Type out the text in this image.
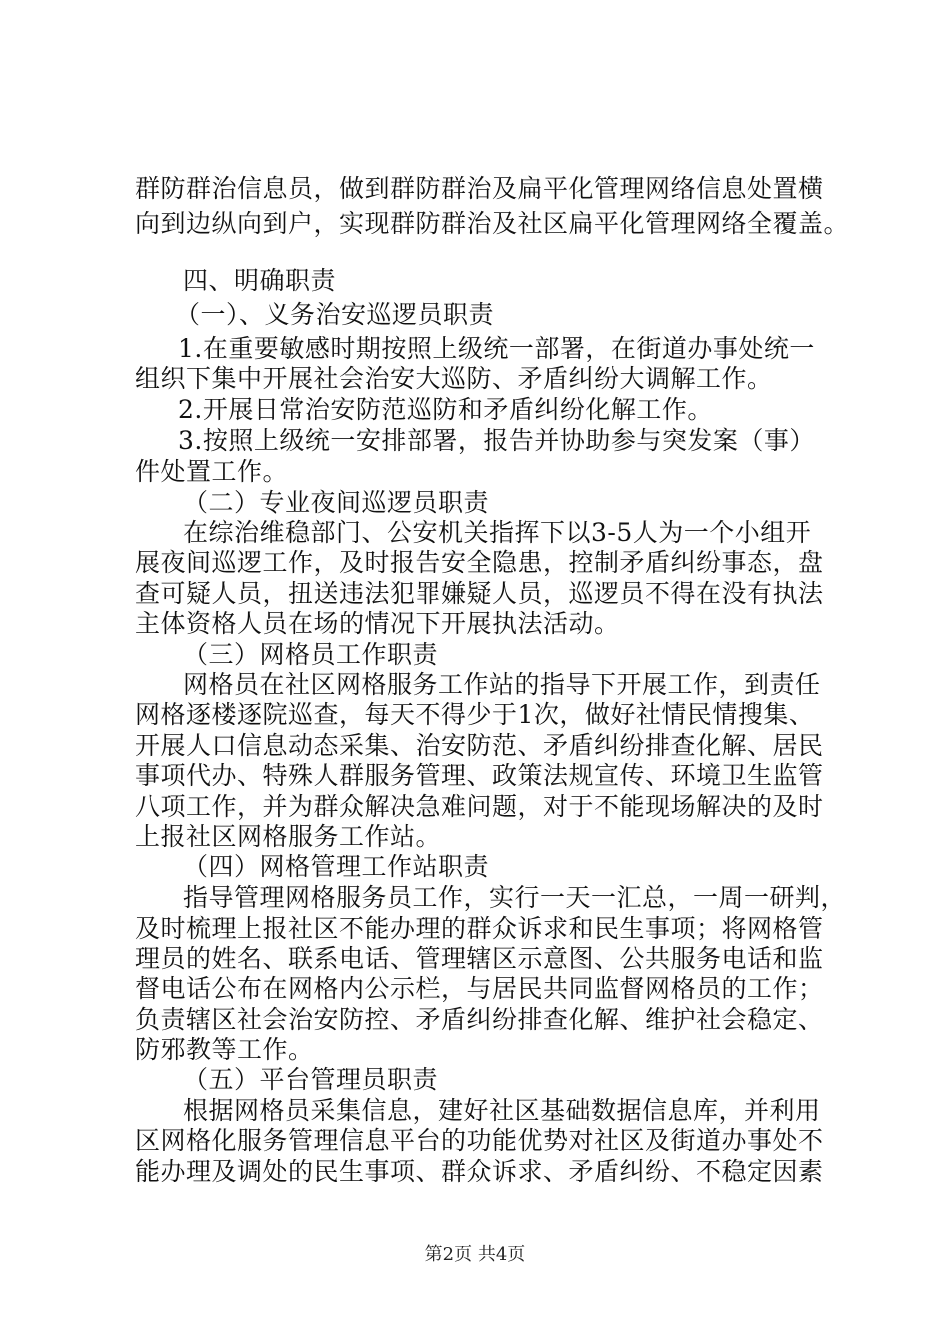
群防群治信息员，做到群防群治及扁平化管理网络信息处置横
向到边纵向到户，实现群防群治及社区扁平化管理网络全覆盖。
四、明确职责
（一）、义务治安巡逻员职责
1.在重要敏感时期按照上级统一部署，在街道办事处统一
组织下集中开展社会治安大巡防、矛盾纠纷大调解工作。
2.开展日常治安防范巡防和矛盾纠纷化解工作。
3.按照上级统一安排部署，报告并协助参与突发案（事）
件处置工作。
（二）专业夜间巡逻员职责
在综治维稳部门、公安机关指挥下以3-5人为一个小组开
展夜间巡逻工作，及时报告安全隐患，控制矛盾纠纷事态，盘
查可疑人员，扭送违法犯罪嫌疑人员，巡逻员不得在没有执法
主体资格人员在场的情况下开展执法活动。
（三）网格员工作职责
网格员在社区网格服务工作站的指导下开展工作，到责任
网格逐楼逐院巡查，每天不得少于1次，做好社情民情搜集、
开展人口信息动态采集、治安防范、矛盾纠纷排查化解、居民
事项代办、特殊人群服务管理、政策法规宣传、环境卫生监管
八项工作，并为群众解决急难问题，对于不能现场解决的及时
上报社区网格服务工作站。
（四）网格管理工作站职责
指导管理网格服务员工作，实行一天一汇总，一周一研判，
及时梳理上报社区不能办理的群众诉求和民生事项；将网格管
理员的姓名、联系电话、管理辖区示意图、公共服务电话和监
督电话公布在网格内公示栏，与居民共同监督网格员的工作；
负责辖区社会治安防控、矛盾纠纷排查化解、维护社会稳定、
防邪教等工作。
（五）平台管理员职责
根据网格员采集信息，建好社区基础数据信息库，并利用
区网格化服务管理信息平台的功能优势对社区及街道办事处不
能办理及调处的民生事项、群众诉求、矛盾纠纷、不稳定因素
第2页 共4页
